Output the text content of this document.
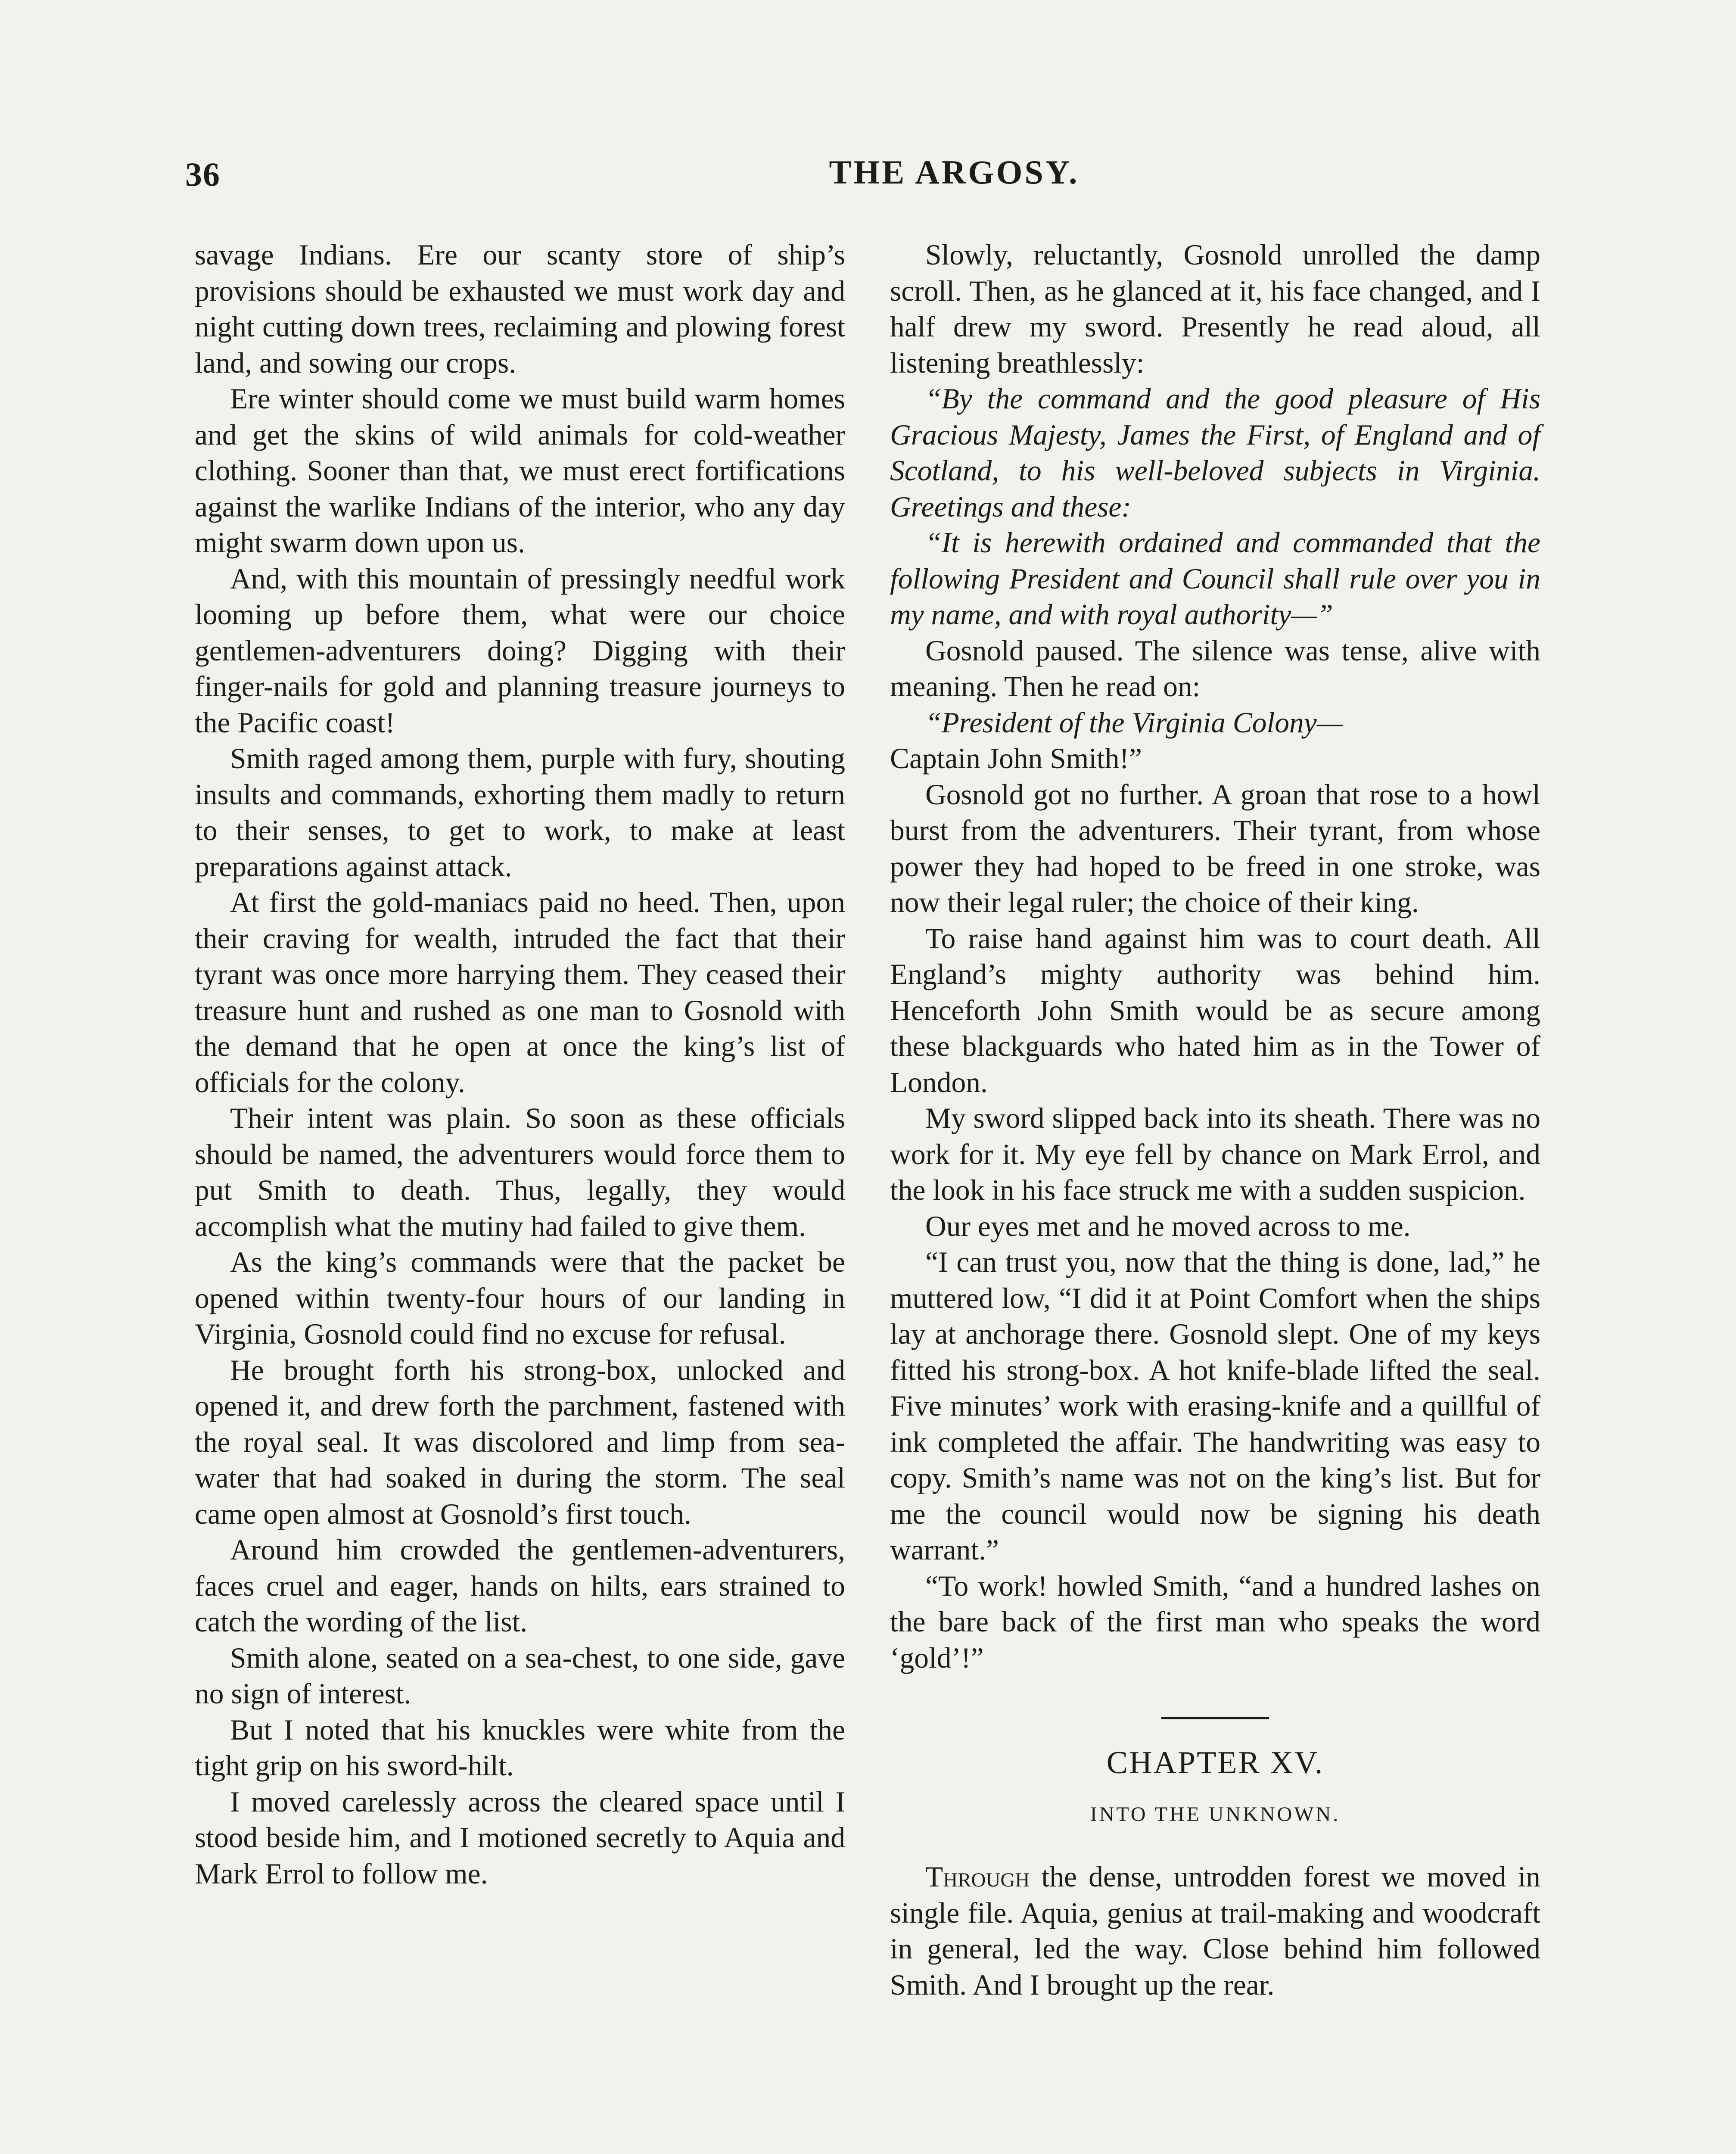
36	THE ARGOSY.

savage Indians. Ere our scanty store of ship’s provisions should be exhausted we must work day and night cutting down trees, reclaiming and plowing forest land, and sowing our crops.

Ere winter should come we must build warm homes and get the skins of wild animals for cold-weather clothing. Sooner than that, we must erect fortifications against the warlike Indians of the interior, who any day might swarm down upon us.

And, with this mountain of pressingly needful work looming up before them, what were our choice gentlemen-adventurers doing? Digging with their finger-nails for gold and planning treasure journeys to the Pacific coast!

Smith raged among them, purple with fury, shouting insults and commands, exhorting them madly to return to their senses, to get to work, to make at least preparations against attack.

At first the gold-maniacs paid no heed. Then, upon their craving for wealth, intruded the fact that their tyrant was once more harrying them. They ceased their treasure hunt and rushed as one man to Gosnold with the demand that he open at once the king’s list of officials for the colony.

Their intent was plain. So soon as these officials should be named, the adventurers would force them to put Smith to death. Thus, legally, they would accomplish what the mutiny had failed to give them.

As the king’s commands were that the packet be opened within twenty-four hours of our landing in Virginia, Gosnold could find no excuse for refusal.

He brought forth his strong-box, unlocked and opened it, and drew forth the parchment, fastened with the royal seal. It was discolored and limp from sea-water that had soaked in during the storm. The seal came open almost at Gosnold’s first touch.

Around him crowded the gentlemen-adventurers, faces cruel and eager, hands on hilts, ears strained to catch the wording of the list.

Smith alone, seated on a sea-chest, to one side, gave no sign of interest.

But I noted that his knuckles were white from the tight grip on his sword-hilt.

I moved carelessly across the cleared space until I stood beside him, and I motioned secretly to Aquia and Mark Errol to follow me.

Slowly, reluctantly, Gosnold unrolled the damp scroll. Then, as he glanced at it, his face changed, and I half drew my sword. Presently he read aloud, all listening breathlessly:

“By the command and the good pleasure of His Gracious Majesty, James the First, of England and of Scotland, to his well-beloved subjects in Virginia. Greetings and these:

“It is herewith ordained and commanded that the following President and Council shall rule over you in my name, and with royal authority—”

Gosnold paused. The silence was tense, alive with meaning. Then he read on:

“President of the Virginia Colony—

Captain John Smith!”

Gosnold got no further. A groan that rose to a howl burst from the adventurers. Their tyrant, from whose power they had hoped to be freed in one stroke, was now their legal ruler; the choice of their king.

To raise hand against him was to court death. All England’s mighty authority was behind him. Henceforth John Smith would be as secure among these blackguards who hated him as in the Tower of London.

My sword slipped back into its sheath. There was no work for it. My eye fell by chance on Mark Errol, and the look in his face struck me with a sudden suspicion.

Our eyes met and he moved across to me.

“I can trust you, now that the thing is done, lad,” he muttered low, “I did it at Point Comfort when the ships lay at anchorage there. Gosnold slept. One of my keys fitted his strong-box. A hot knife-blade lifted the seal. Five minutes’ work with erasing-knife and a quillful of ink completed the affair. The handwriting was easy to copy. Smith’s name was not on the king’s list. But for me the council would now be signing his death warrant.”

“To work! howled Smith, “and a hundred lashes on the bare back of the first man who speaks the word ‘gold’!”

CHAPTER XV.
INTO THE UNKNOWN.

Through the dense, untrodden forest we moved in single file. Aquia, genius at trail-making and woodcraft in general, led the way. Close behind him followed Smith. And I brought up the rear.
